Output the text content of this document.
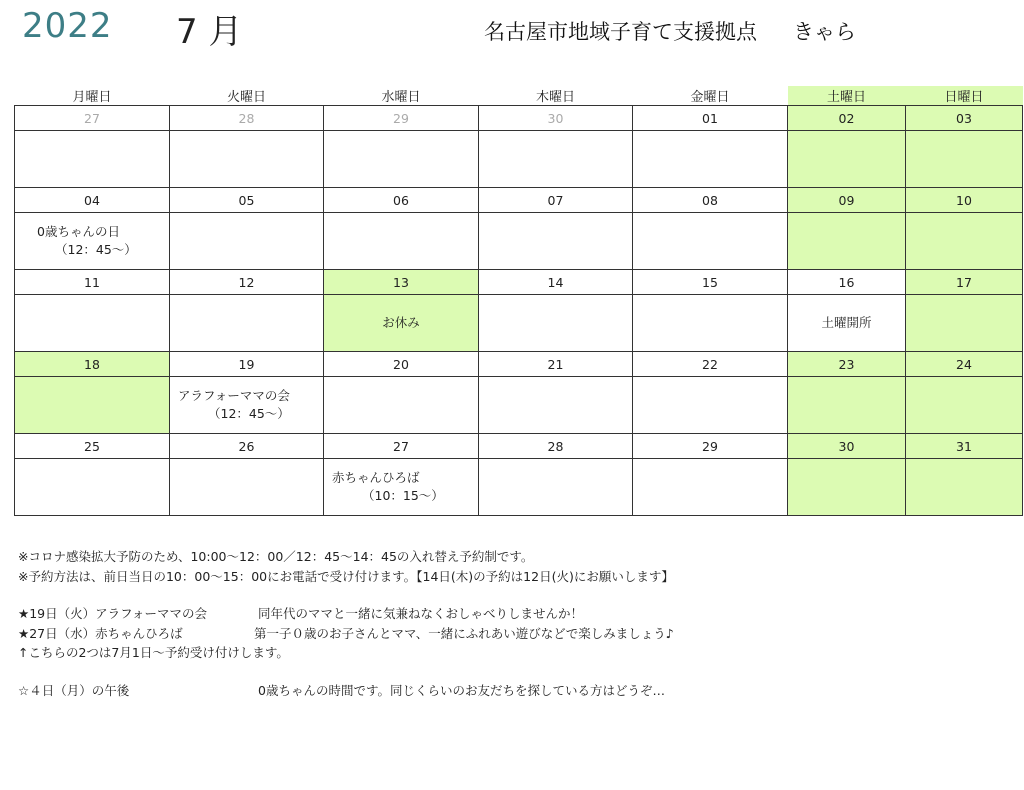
2022 7 月	名古屋市地域子育て支援拠点 きゃら
月曜日	火曜日	水曜日	木曜日	金曜日	土曜日	日曜日
27	28	29	30	01	02	03

04	05	06	07	08	09	10

0歳ちゃんの日
（12：45～）						

11	12	13	14	15	16	17

		お休み			土曜開所	

18	19	20	21	22	23	24

	アラフォーママの会
（12：45～）					

25	26	27	28	29	30	31

		赤ちゃんひろば
（10：15～）				

※コロナ感染拡大予防のため、10:00～12：00／12：45～14：45の入れ替え予約制です。
※予約方法は、前日当日の10：00～15：00にお電話で受け付けます。
【14日(木)の予約は12日(火)にお願いします】
★19日（火）アラフォーママの会	同年代のママと一緒に気兼ねなくおしゃべりしませんか！
★27日（水）赤ちゃんひろば	第一子０歳のお子さんとママ、一緒にふれあい遊びなどで楽しみましょう♪
↑こちらの2つは7月1日～予約受け付けします。
☆４日（月）の午後	0歳ちゃんの時間です。同じくらいのお友だちを探している方はどうぞ…
